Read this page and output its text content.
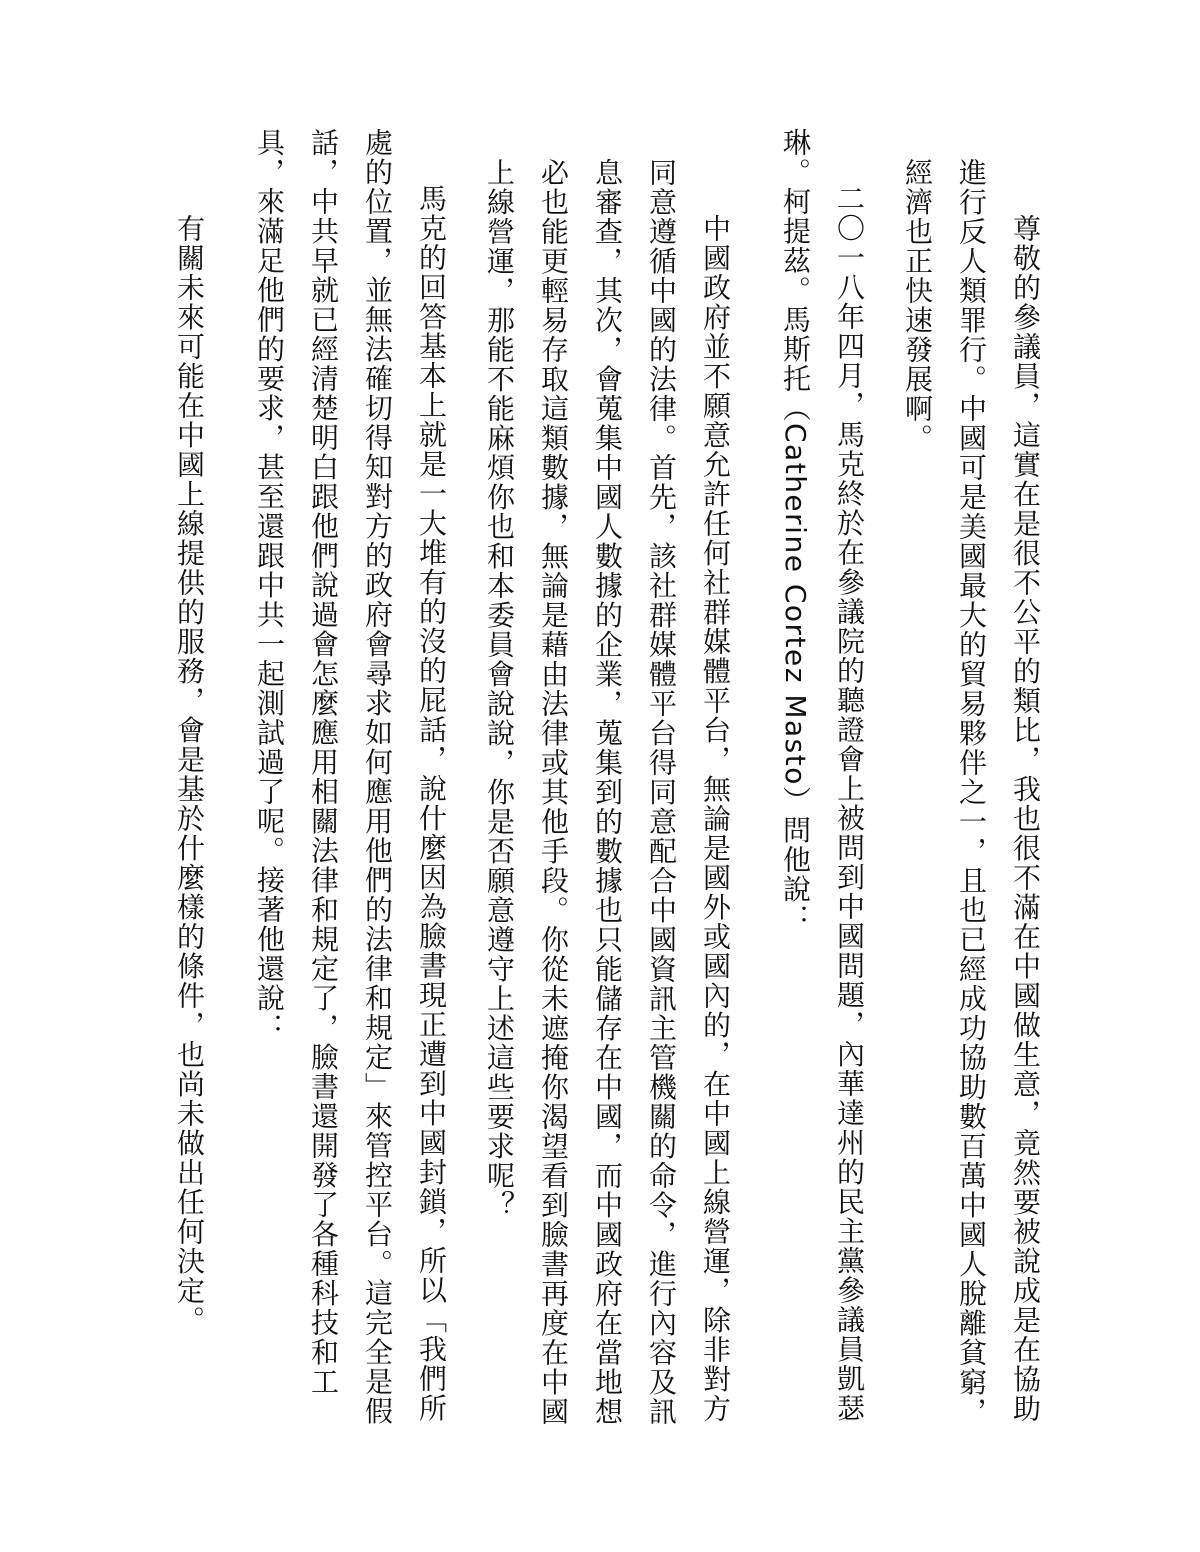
尊敬的參議員，這實在是很不公平的類比，我也很不滿在中國做生意，竟然要被說成是在協助進行反人類罪行。中國可是美國最大的貿易夥伴之一，且也已經成功協助數百萬中國人脫離貧窮，經濟也正快速發展啊。

二〇一八年四月，馬克終於在參議院的聽證會上被問到中國問題，內華達州的民主黨參議員凱瑟琳。柯提茲。馬斯托（Catherine Cortez Masto）問他說：

中國政府並不願意允許任何社群媒體平台，無論是國外或國內的，在中國上線營運，除非對方同意遵循中國的法律。首先，該社群媒體平台得同意配合中國資訊主管機關的命令，進行內容及訊息審查，其次，會蒐集中國人數據的企業，蒐集到的數據也只能儲存在中國，而中國政府在當地想必也能更輕易存取這類數據，無論是藉由法律或其他手段。你從未遮掩你渴望看到臉書再度在中國上線營運，那能不能麻煩你也和本委員會說說，你是否願意遵守上述這些要求呢？

馬克的回答基本上就是一大堆有的沒的屁話，說什麼因為臉書現正遭到中國封鎖，所以「我們所處的位置，並無法確切得知對方的政府會尋求如何應用他們的法律和規定」來管控平台。這完全是假話，中共早就已經清楚明白跟他們說過會怎麼應用相關法律和規定了，臉書還開發了各種科技和工具，來滿足他們的要求，甚至還跟中共一起測試過了呢。接著他還說：

有關未來可能在中國上線提供的服務，會是基於什麼樣的條件，也尚未做出任何決定。
